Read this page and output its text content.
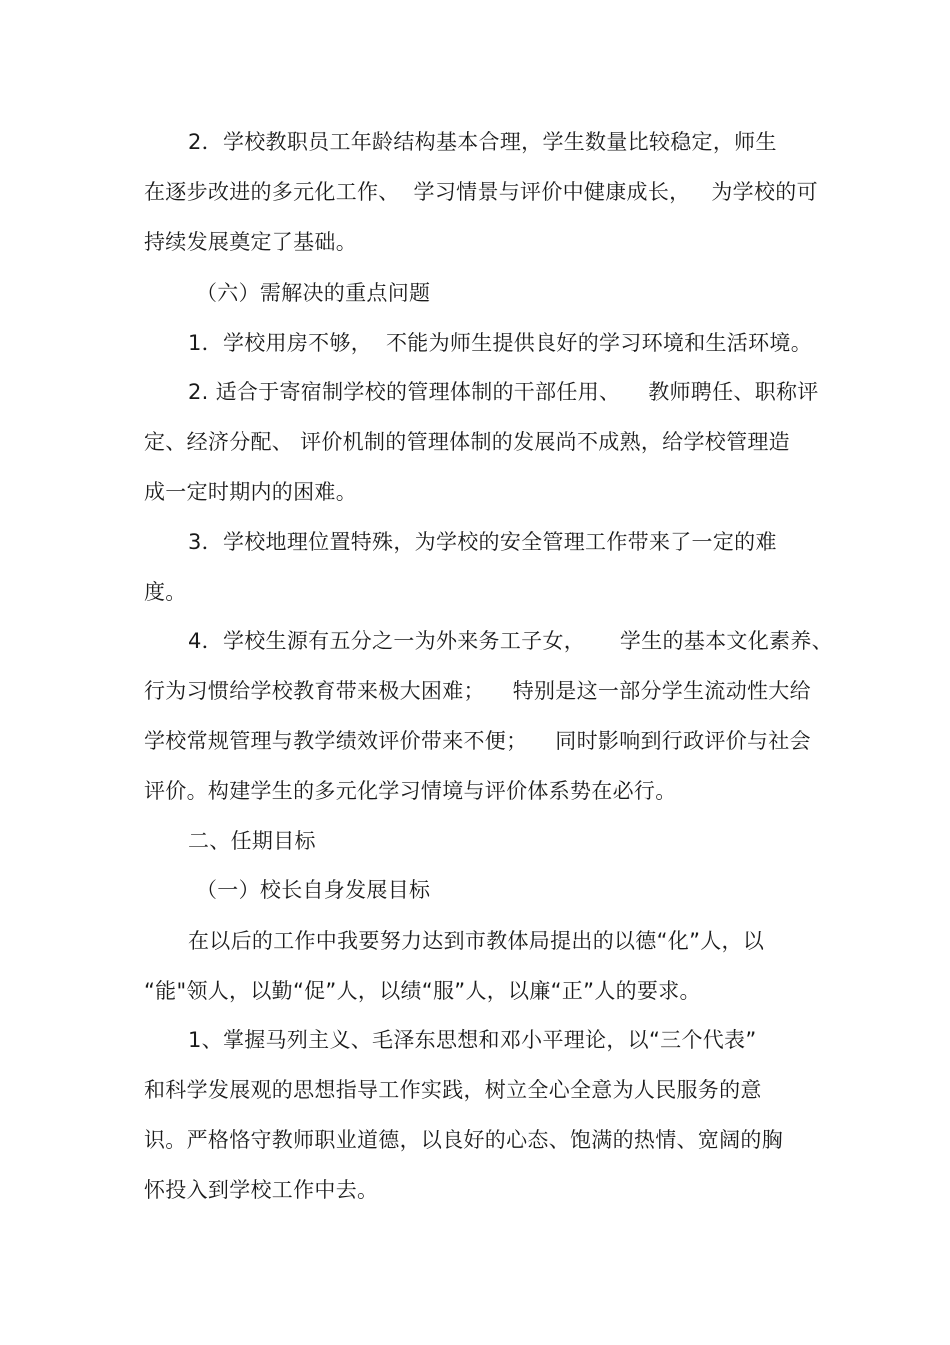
2．学校教职员工年龄结构基本合理，学生数量比较稳定，师生
在逐步改进的多元化工作、  学习情景与评价中健康成长，   为学校的可
持续发展奠定了基础。
（六）需解决的重点问题
1．学校用房不够，  不能为师生提供良好的学习环境和生活环境。
2. 适合于寄宿制学校的管理体制的干部任用、    教师聘任、职称评
定、经济分配、 评价机制的管理体制的发展尚不成熟，给学校管理造
成一定时期内的困难。
3．学校地理位置特殊，为学校的安全管理工作带来了一定的难
度。
4．学校生源有五分之一为外来务工子女，     学生的基本文化素养、
行为习惯给学校教育带来极大困难；    特别是这一部分学生流动性大给
学校常规管理与教学绩效评价带来不便；    同时影响到行政评价与社会
评价。构建学生的多元化学习情境与评价体系势在必行。
二、任期目标
（一）校长自身发展目标
在以后的工作中我要努力达到市教体局提出的以德“化”人，以
“能"领人，以勤“促”人，以绩“服”人，以廉“正”人的要求。
1、掌握马列主义、毛泽东思想和邓小平理论，以“三个代表”
和科学发展观的思想指导工作实践，树立全心全意为人民服务的意
识。严格恪守教师职业道德，以良好的心态、饱满的热情、宽阔的胸
怀投入到学校工作中去。
